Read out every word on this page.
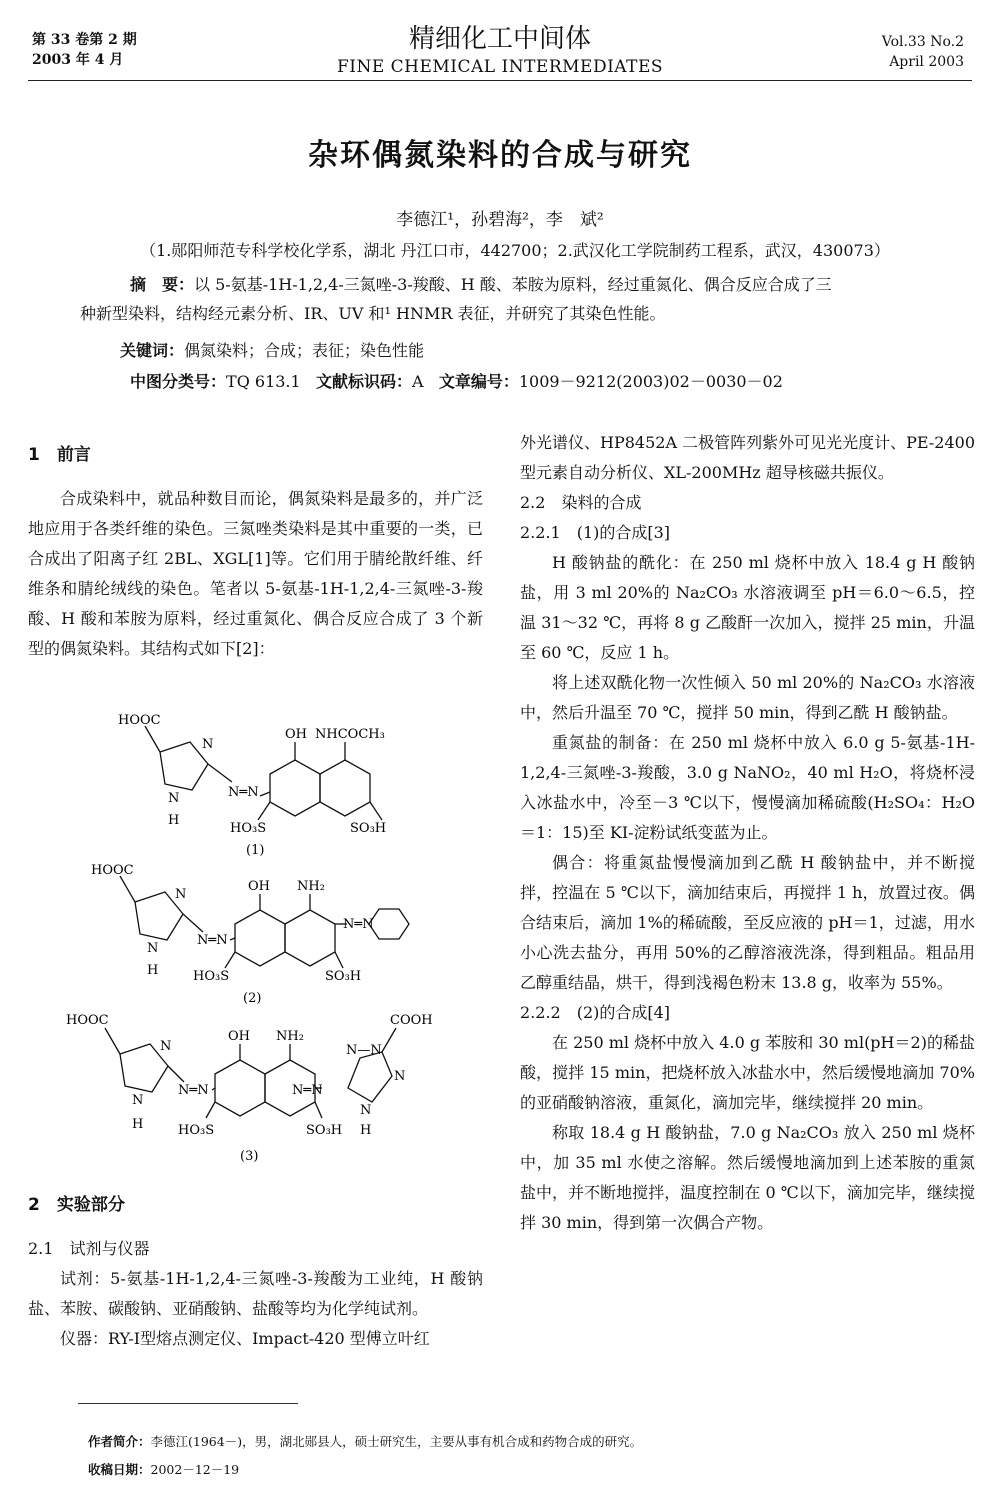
第 33 卷第 2 期
2003 年 4 月
精细化工中间体
FINE CHEMICAL INTERMEDIATES
Vol.33 No.2
April 2003
杂环偶氮染料的合成与研究
李德江¹，孙碧海²，李　斌²
（1.郧阳师范专科学校化学系，湖北 丹江口市，442700；2.武汉化工学院制药工程系，武汉，430073）

摘　要：以 5-氨基-1H-1,2,4-三氮唑-3-羧酸、H 酸、苯胺为原料，经过重氮化、偶合反应合成了三

种新型染料，结构经元素分析、IR、UV 和¹ HNMR 表征，并研究了其染色性能。

关键词：偶氮染料；合成；表征；染色性能
中图分类号：TQ 613.1 文献标识码：A 文章编号：1009－9212(2003)02－0030－02

1　前言

合成染料中，就品种数目而论，偶氮染料是最多的，并广泛地应用于各类纤维的染色。三氮唑类染料是其中重要的一类，已合成出了阳离子红 2BL、XGL[1]等。它们用于腈纶散纤维、纤维条和腈纶绒线的染色。笔者以 5-氨基-1H-1,2,4-三氮唑-3-羧酸、H 酸和苯胺为原料，经过重氮化、偶合反应合成了 3 个新型的偶氮染料。其结构式如下[2]：

HOOC
N
N
H
N═N
OH NHCOCH₃
HO₃S	SO₃H
(1)
HOOC
N
N
H
N═N
OH NH₂
N═N
HO₃S	SO₃H
(2)
HOOC	COOH
N
N
H
N═N
OH NH₂
N═N
N—N
N
N
H
HO₃S	SO₃H
(3)

2　实验部分

2.1　试剂与仪器

试剂：5-氨基-1H-1,2,4-三氮唑-3-羧酸为工业纯，H 酸钠盐、苯胺、碳酸钠、亚硝酸钠、盐酸等均为化学纯试剂。

仪器：RY-Ⅰ型熔点测定仪、Impact-420 型傅立叶红

外光谱仪、HP8452A 二极管阵列紫外可见光光度计、PE-2400 型元素自动分析仪、XL-200MHz 超导核磁共振仪。

2.2　染料的合成

2.2.1　(1)的合成[3]

H 酸钠盐的酰化：在 250 ml 烧杯中放入 18.4 g H 酸钠盐，用 3 ml 20%的 Na₂CO₃ 水溶液调至 pH＝6.0～6.5，控温 31～32 ℃，再将 8 g 乙酸酐一次加入，搅拌 25 min，升温至 60 ℃，反应 1 h。

将上述双酰化物一次性倾入 50 ml 20%的 Na₂CO₃ 水溶液中，然后升温至 70 ℃，搅拌 50 min，得到乙酰 H 酸钠盐。

重氮盐的制备：在 250 ml 烧杯中放入 6.0 g 5-氨基-1H-1,2,4-三氮唑-3-羧酸，3.0 g NaNO₂，40 ml H₂O，将烧杯浸入冰盐水中，冷至－3 ℃以下，慢慢滴加稀硫酸(H₂SO₄：H₂O＝1：15)至 KI-淀粉试纸变蓝为止。

偶合：将重氮盐慢慢滴加到乙酰 H 酸钠盐中，并不断搅拌，控温在 5 ℃以下，滴加结束后，再搅拌 1 h，放置过夜。偶合结束后，滴加 1%的稀硫酸，至反应液的 pH＝1，过滤，用水小心洗去盐分，再用 50%的乙醇溶液洗涤，得到粗品。粗品用乙醇重结晶，烘干，得到浅褐色粉末 13.8 g，收率为 55%。

2.2.2　(2)的合成[4]

在 250 ml 烧杯中放入 4.0 g 苯胺和 30 ml(pH＝2)的稀盐酸，搅拌 15 min，把烧杯放入冰盐水中，然后缓慢地滴加 70%的亚硝酸钠溶液，重氮化，滴加完毕，继续搅拌 20 min。

称取 18.4 g H 酸钠盐，7.0 g Na₂CO₃ 放入 250 ml 烧杯中，加 35 ml 水使之溶解。然后缓慢地滴加到上述苯胺的重氮盐中，并不断地搅拌，温度控制在 0 ℃以下，滴加完毕，继续搅拌 30 min，得到第一次偶合产物。

作者简介：李德江(1964－)，男，湖北郧县人，硕士研究生，主要从事有机合成和药物合成的研究。
收稿日期：2002－12－19
